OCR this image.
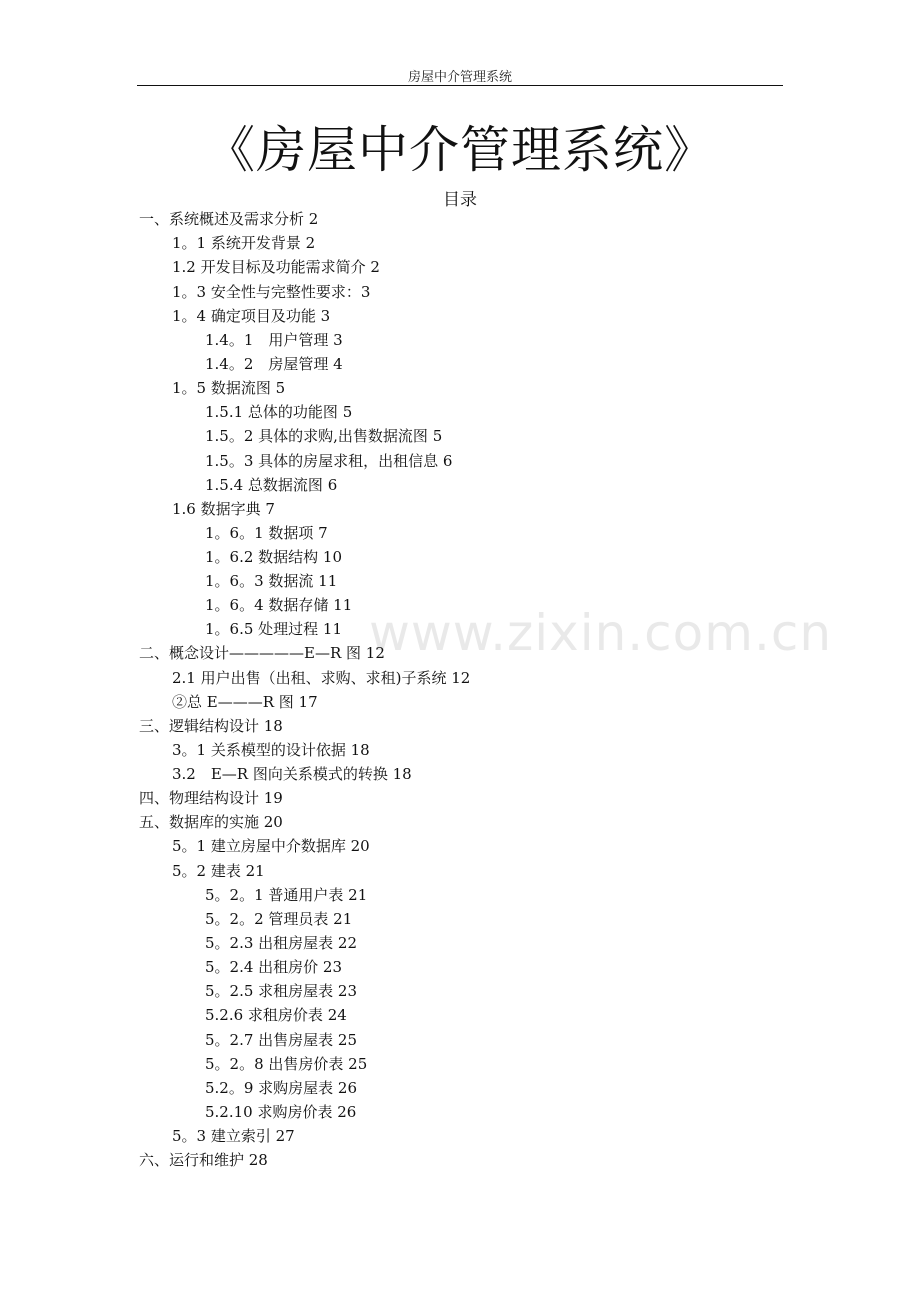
房屋中介管理系统
《房屋中介管理系统》
目录
www.zixin.com.cn
一、系统概述及需求分析 2
1。1 系统开发背景 2
1.2 开发目标及功能需求简介 2
1。3 安全性与完整性要求：3
1。4 确定项目及功能 3
1.4。1　用户管理 3
1.4。2　房屋管理 4
1。5 数据流图 5
1.5.1 总体的功能图 5
1.5。2 具体的求购,出售数据流图 5
1.5。3 具体的房屋求租，出租信息 6
1.5.4 总数据流图 6
1.6 数据字典 7
1。6。1 数据项 7
1。6.2 数据结构 10
1。6。3 数据流 11
1。6。4 数据存储 11
1。6.5 处理过程 11
二、概念设计—————E—R 图 12
2.1 用户出售（出租、求购、求租)子系统 12
②总 E———R 图 17
三、逻辑结构设计 18
3。1 关系模型的设计依据 18
3.2　E—R 图向关系模式的转换 18
四、物理结构设计 19
五、数据库的实施 20
5。1 建立房屋中介数据库 20
5。2 建表 21
5。2。1 普通用户表 21
5。2。2 管理员表 21
5。2.3 出租房屋表 22
5。2.4 出租房价 23
5。2.5 求租房屋表 23
5.2.6 求租房价表 24
5。2.7 出售房屋表 25
5。2。8 出售房价表 25
5.2。9 求购房屋表 26
5.2.10 求购房价表 26
5。3 建立索引 27
六、运行和维护 28
